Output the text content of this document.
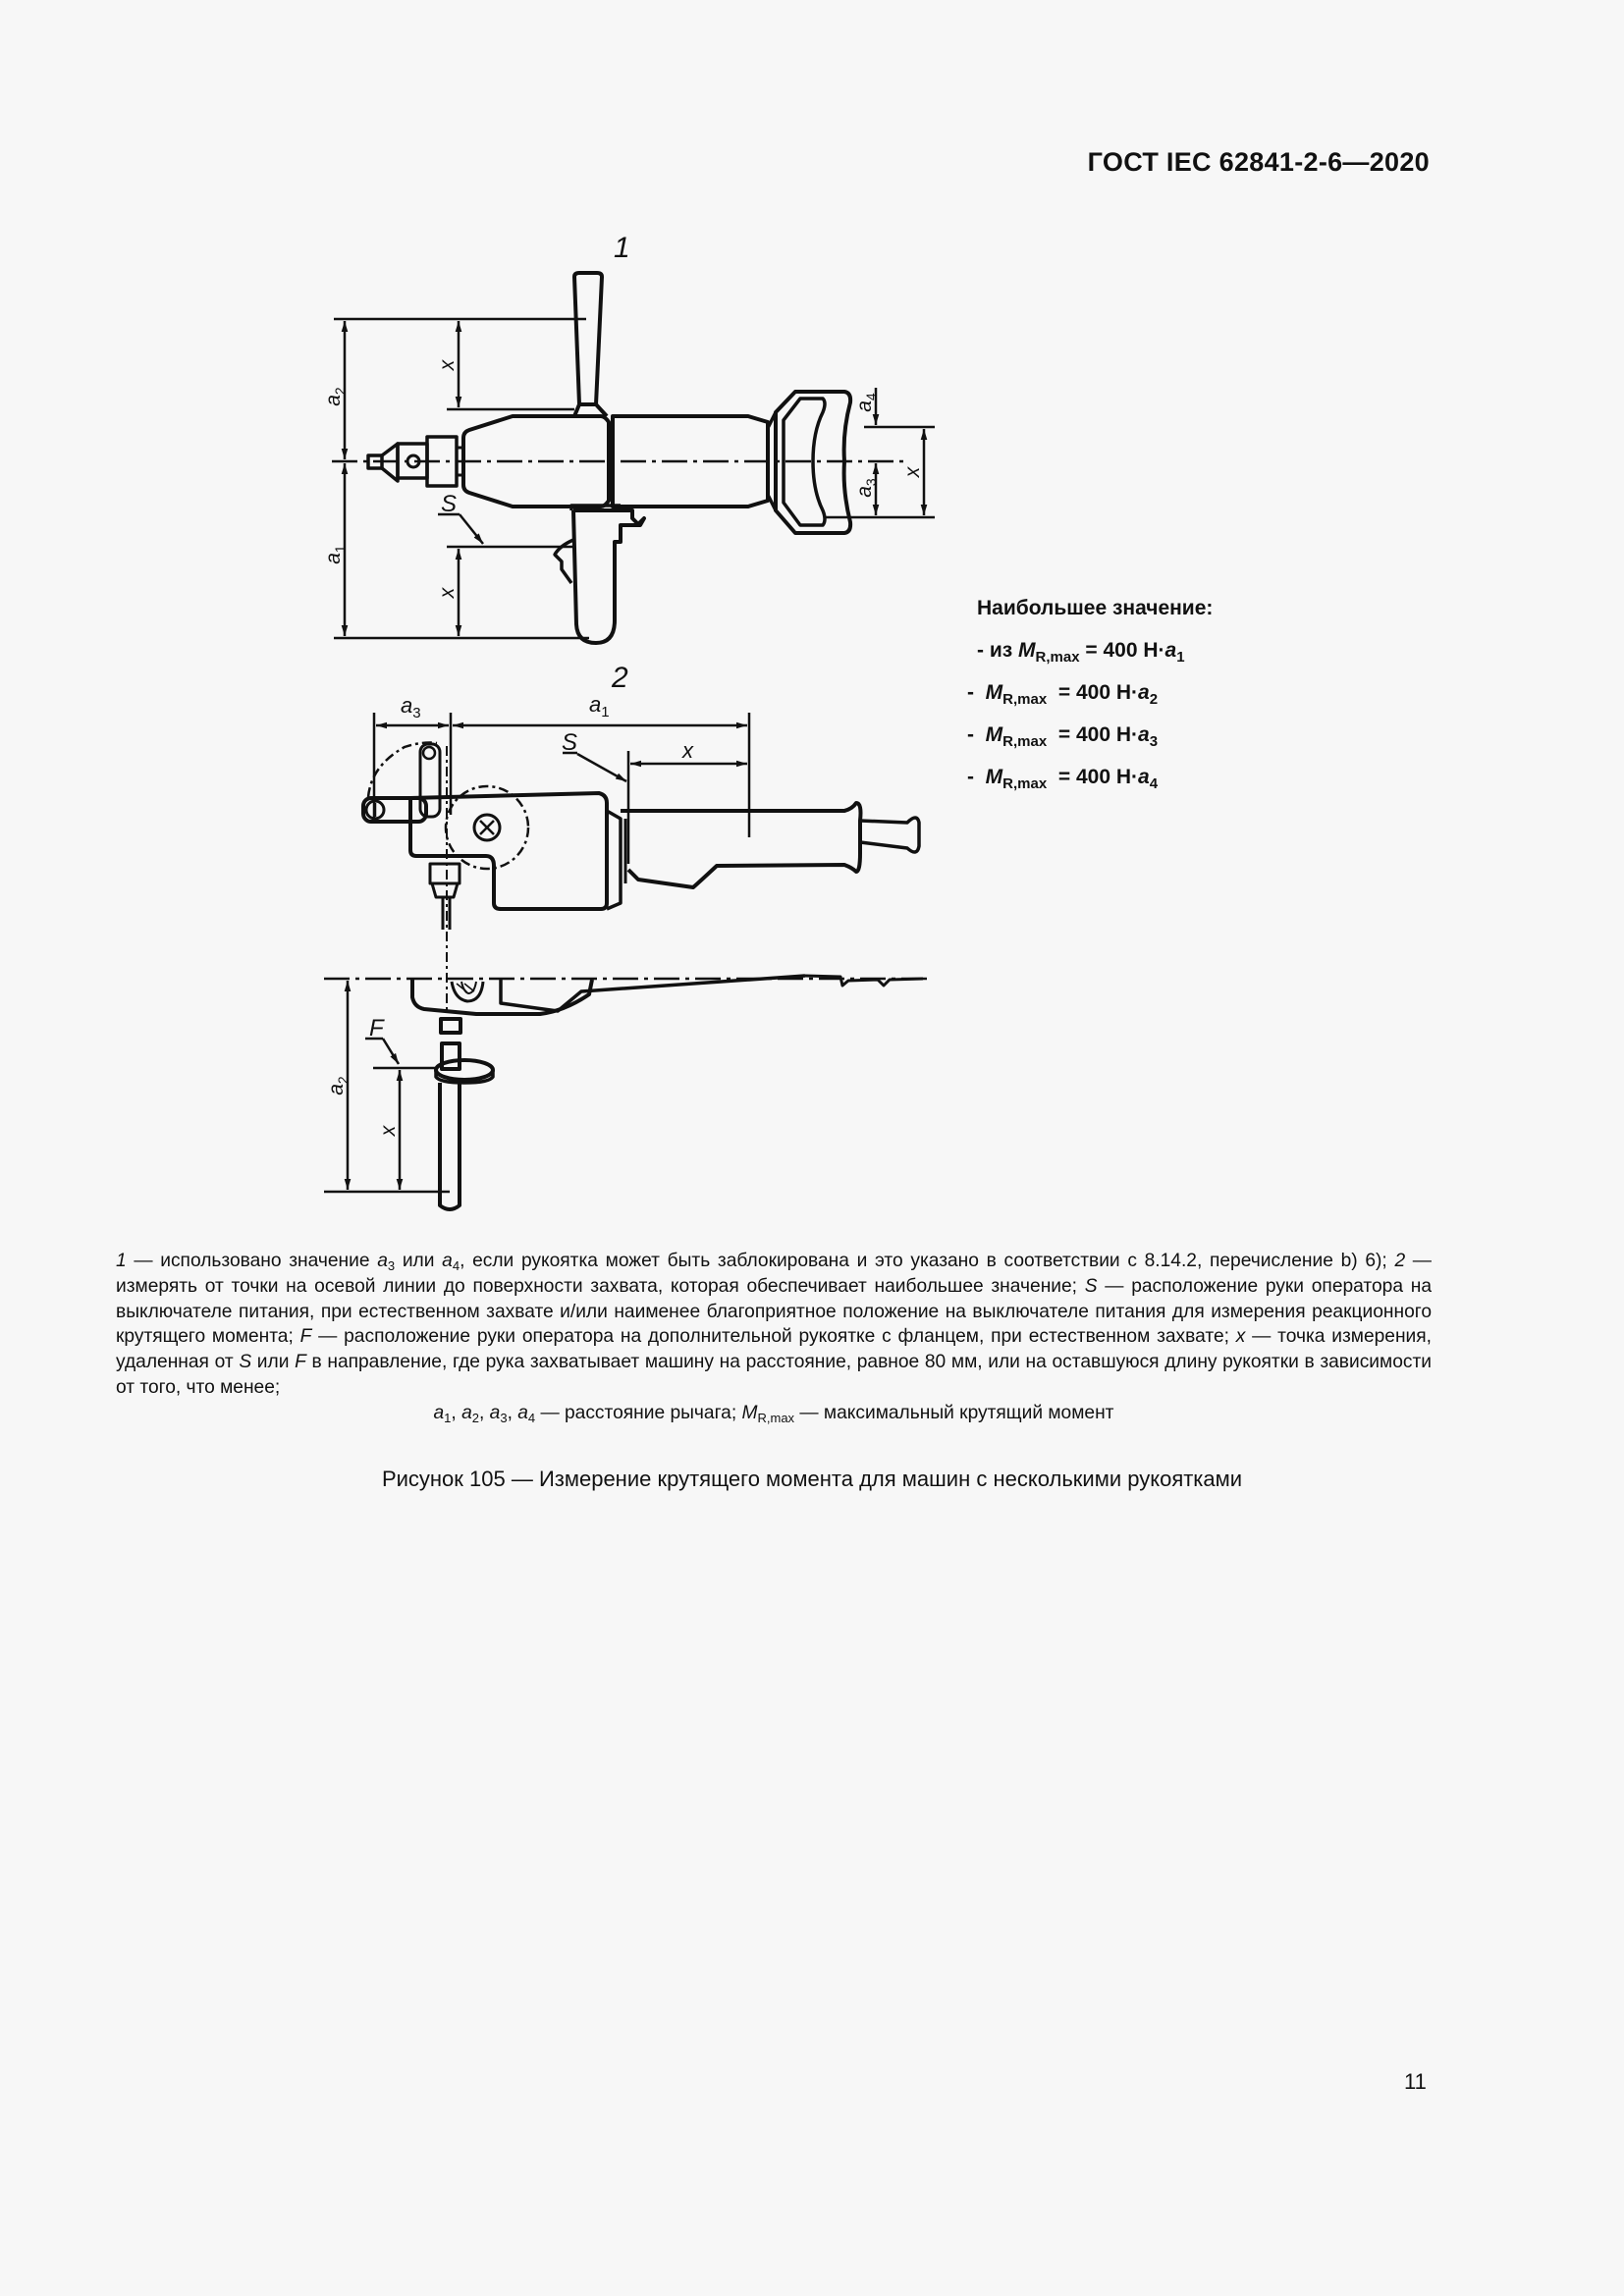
ГОСТ IEC 62841-2-6—2020
1
$a_2$
$a_1$
x
x
S
$a_4$
$a_3$
x
2
$a_3$	$a_1$
S	x
F
$a_2$
x
Наибольшее значение:
- из $M_{R,max} = 400$ $Н\cdot a_1$
- $M_{R,max} = 400$ $Н\cdot a_2$
- $M_{R,max} = 400$ $Н\cdot a_3$
- $M_{R,max} = 400$ $Н\cdot a_4$

1 — использовано значение $a_3$ или $a_4$, если рукоятка может быть заблокирована и это указано в соответствии с 8.14.2, перечисление b) 6); 2 — измерять от точки на осевой линии до поверхности захвата, которая обеспечивает наибольшее значение; S — расположение руки оператора на выключателе питания, при естественном захвате и/или наименее благоприятное положение на выключателе питания для измерения реакционного крутящего момента; F — расположение руки оператора на дополнительной рукоятке с фланцем, при естественном захвате; x — точка измерения, удаленная от S или F в направление, где рука захватывает машину на расстояние, равное 80 мм, или на оставшуюся длину рукоятки в зависимости от того, что менее;

$a_1$, $a_2$, $a_3$, $a_4$ — расстояние рычага; $M_{R,max}$ — максимальный крутящий момент

Рисунок 105 — Измерение крутящего момента для машин с несколькими рукоятками
11
